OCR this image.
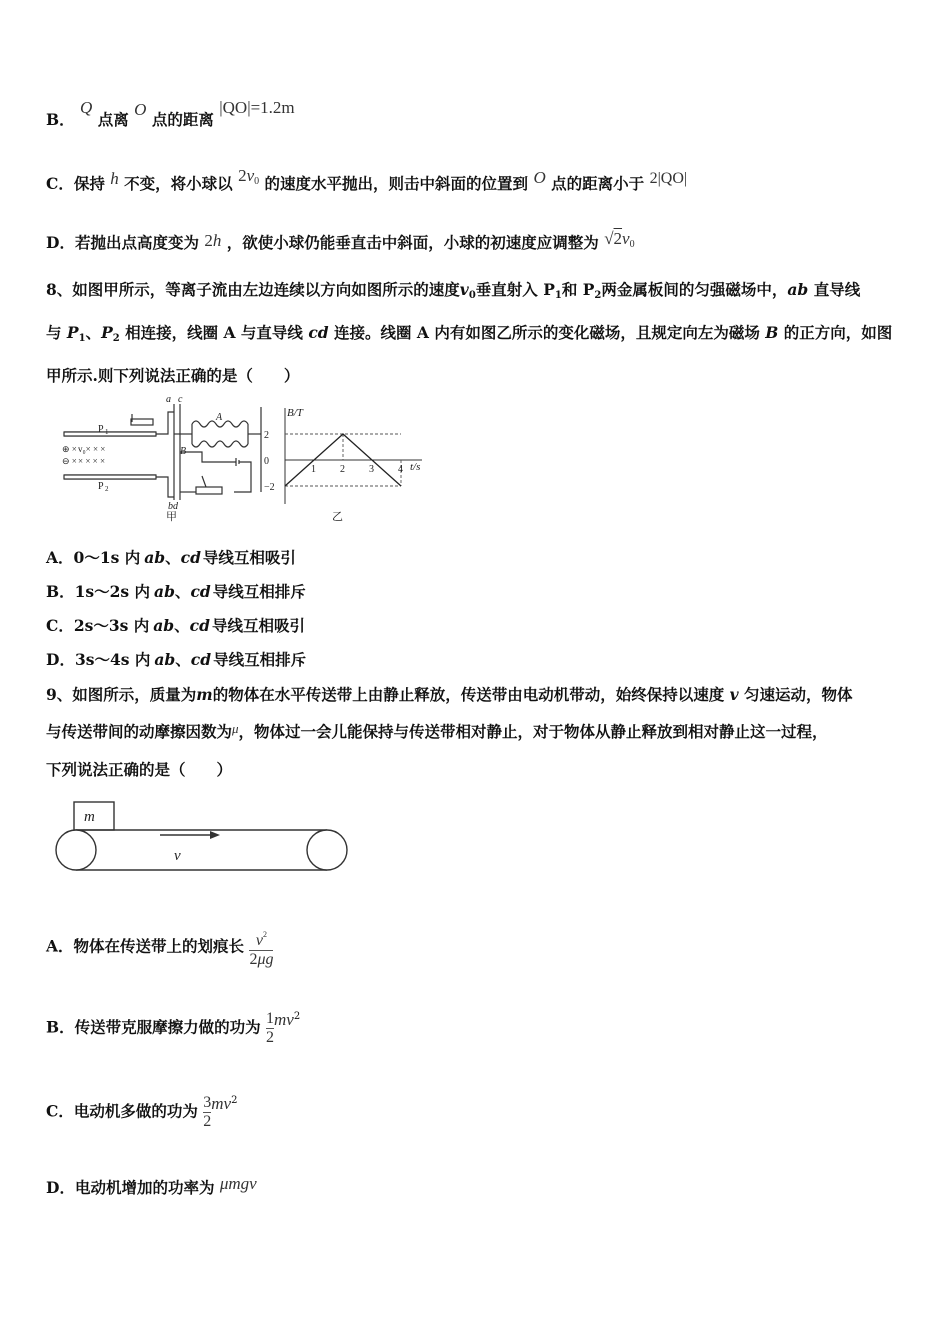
B． Q 点离 O 点的距离 |QO|=1.2m
C．保持 h 不变，将小球以 $2v_0$ 的速度水平抛出，则击中斜面的位置到 O 点的距离小于 2|QO|
D．若抛出点高度变为 2h ，欲使小球仍能垂直击中斜面，小球的初速度应调整为 $√2v_0$
8、如图甲所示，等离子流由左边连续以方向如图所示的速度$v_0$垂直射入 $P_1$和 $P_2$两金属板间的匀强磁场中，ab 直导线
与 $P_1$、$P_2$ 相连接，线圈 A 与直导线 cd 连接。线圈 A 内有如图乙所示的变化磁场，且规定向左为磁场 B 的正方向，如图
甲所示.则下列说法正确的是（　　）
a c
A
B
P 1
P 2
bd
⊕ ×
⊖ ×
v₀× × ×
× × × ×
甲
B/T
t/s
1 2 3 4
2
0
−2
乙
A．0～1s 内 ab、cd 导线互相吸引
B．1s～2s 内 ab、cd 导线互相排斥
C．2s～3s 内 ab、cd 导线互相吸引
D．3s～4s 内 ab、cd 导线互相排斥
9、如图所示，质量为m的物体在水平传送带上由静止释放，传送带由电动机带动，始终保持以速度 v 匀速运动，物体
与传送带间的动摩擦因数为$^\mu$，物体过一会儿能保持与传送带相对静止，对于物体从静止释放到相对静止这一过程，
下列说法正确的是（　　）
m
v
A．物体在传送带上的划痕长 $\frac{v^2}{2\mu g}$
B．传送带克服摩擦力做的功为 $\frac{1}{2} mv^2$
C．电动机多做的功为 $\frac{3}{2} mv^2$
D．电动机增加的功率为 μmgv
